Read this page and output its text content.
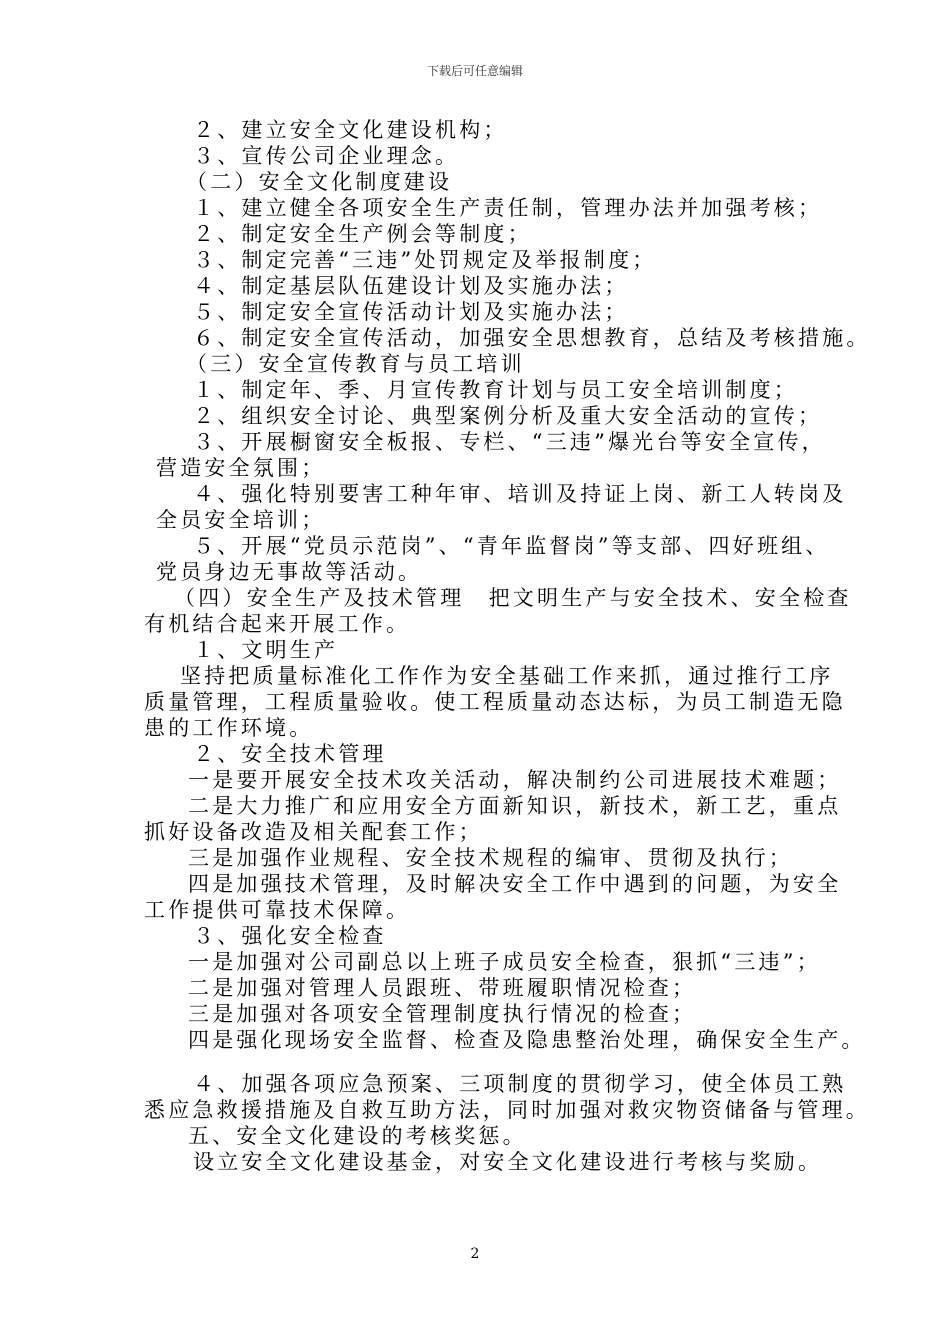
下载后可任意编辑
２、建立安全文化建设机构；
３、宣传公司企业理念。
（二）安全文化制度建设
１、建立健全各项安全生产责任制，管理办法并加强考核；
２、制定安全生产例会等制度；
３、制定完善“三违”处罚规定及举报制度；
４、制定基层队伍建设计划及实施办法；
５、制定安全宣传活动计划及实施办法；
６、制定安全宣传活动，加强安全思想教育，总结及考核措施。
（三）安全宣传教育与员工培训
１、制定年、季、月宣传教育计划与员工安全培训制度；
２、组织安全讨论、典型案例分析及重大安全活动的宣传；
３、开展橱窗安全板报、专栏、“三违”爆光台等安全宣传，
营造安全氛围；
４、强化特别要害工种年审、培训及持证上岗、新工人转岗及
全员安全培训；
５、开展“党员示范岗”、“青年监督岗”等支部、四好班组、
党员身边无事故等活动。
（四）安全生产及技术管理　把文明生产与安全技术、安全检查
有机结合起来开展工作。
１、文明生产
坚持把质量标准化工作作为安全基础工作来抓，通过推行工序
质量管理，工程质量验收。使工程质量动态达标，为员工制造无隐
患的工作环境。
２、安全技术管理
一是要开展安全技术攻关活动，解决制约公司进展技术难题；
二是大力推广和应用安全方面新知识，新技术，新工艺，重点
抓好设备改造及相关配套工作；
三是加强作业规程、安全技术规程的编审、贯彻及执行；
四是加强技术管理，及时解决安全工作中遇到的问题，为安全
工作提供可靠技术保障。
３、强化安全检查
一是加强对公司副总以上班子成员安全检查，狠抓“三违”；
二是加强对管理人员跟班、带班履职情况检查；
三是加强对各项安全管理制度执行情况的检查；
四是强化现场安全监督、检查及隐患整治处理，确保安全生产。
４、加强各项应急预案、三项制度的贯彻学习，使全体员工熟
悉应急救援措施及自救互助方法，同时加强对救灾物资储备与管理。
五、安全文化建设的考核奖惩。
设立安全文化建设基金，对安全文化建设进行考核与奖励。
2
